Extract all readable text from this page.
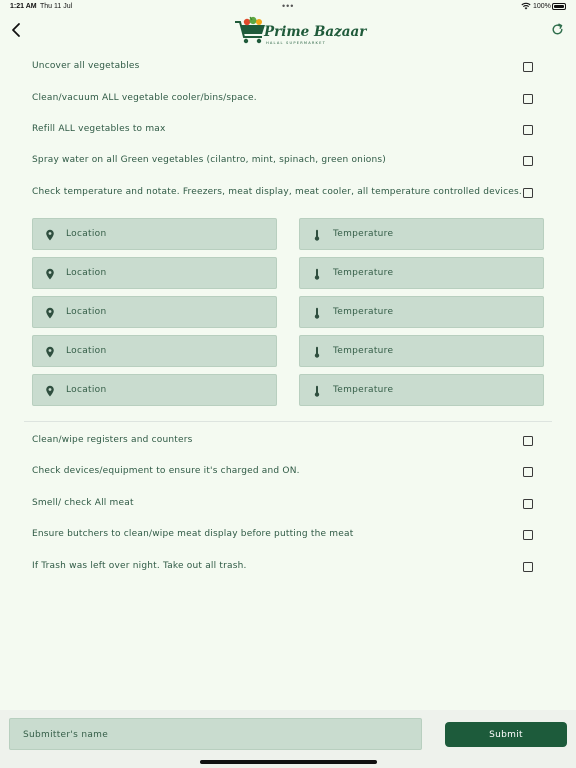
1:21 AM Thu 11 Jul	•••	100%
Prime Bazaar
HALAL SUPERMARKET
Uncover all vegetables
Clean/vacuum ALL vegetable cooler/bins/space.
Refill ALL vegetables to max
Spray water on all Green vegetables (cilantro, mint, spinach, green onions)
Check temperature and notate. Freezers, meat display, meat cooler, all temperature controlled devices.
Location	Temperature
Location	Temperature
Location	Temperature
Location	Temperature
Location	Temperature
Clean/wipe registers and counters
Check devices/equipment to ensure it's charged and ON.
Smell/ check All meat
Ensure butchers to clean/wipe meat display before putting the meat
If Trash was left over night. Take out all trash.
Submitter's name	Submit
